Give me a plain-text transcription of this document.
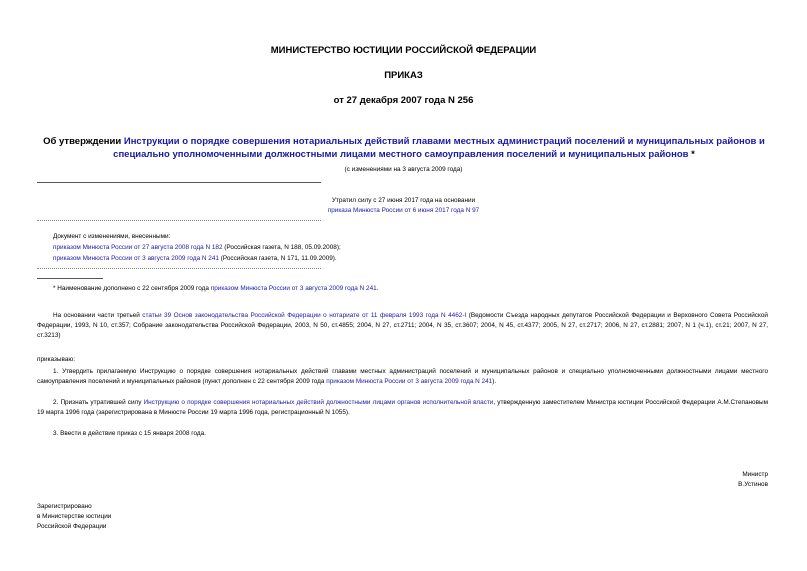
МИНИСТЕРСТВО ЮСТИЦИИ РОССИЙСКОЙ ФЕДЕРАЦИИ
ПРИКАЗ
от 27 декабря 2007 года N 256
Об утверждении Инструкции о порядке совершения нотариальных действий главами местных администраций поселений и муниципальных районов и специально уполномоченными должностными лицами местного самоуправления поселений и муниципальных районов *
(с изменениями на 3 августа 2009 года)
Утратил силу с 27 июня 2017 года на основании
приказа Минюста России от 6 июня 2017 года N 97
Документ с изменениями, внесенными:
приказом Минюста России от 27 августа 2008 года N 182 (Российская газета, N 188, 05.09.2008);
приказом Минюста России от 3 августа 2009 года N 241 (Российская газета, N 171, 11.09.2009).
* Наименование дополнено с 22 сентября 2009 года приказом Минюста России от 3 августа 2009 года N 241.
На основании части третьей статьи 39 Основ законодательства Российской Федерации о нотариате от 11 февраля 1993 года N 4462-I (Ведомости Съезда народных депутатов Российской Федерации и Верховного Совета Российской Федерации, 1993, N 10, ст.357; Собрание законодательства Российской Федерации, 2003, N 50, ст.4855; 2004, N 27, ст.2711; 2004, N 35, ст.3607; 2004, N 45, ст.4377; 2005, N 27, ст.2717; 2006, N 27, ст.2881; 2007, N 1 (ч.1), ст.21; 2007, N 27, ст.3213)
приказываю:
1. Утвердить прилагаемую Инструкцию о порядке совершения нотариальных действий главами местных администраций поселений и муниципальных районов и специально уполномоченными должностными лицами местного самоуправления поселений и муниципальных районов (пункт дополнен с 22 сентября 2009 года приказом Минюста России от 3 августа 2009 года N 241).
2. Признать утратившей силу Инструкцию о порядке совершения нотариальных действий должностными лицами органов исполнительной власти, утвержденную заместителем Министра юстиции Российской Федерации А.М.Степановым 19 марта 1996 года (зарегистрирована в Минюсте России 19 марта 1996 года, регистрационный N 1055).
3. Ввести в действие приказ с 15 января 2008 года.
Министр
В.Устинов
Зарегистрировано
в Министерстве юстиции
Российской Федерации
